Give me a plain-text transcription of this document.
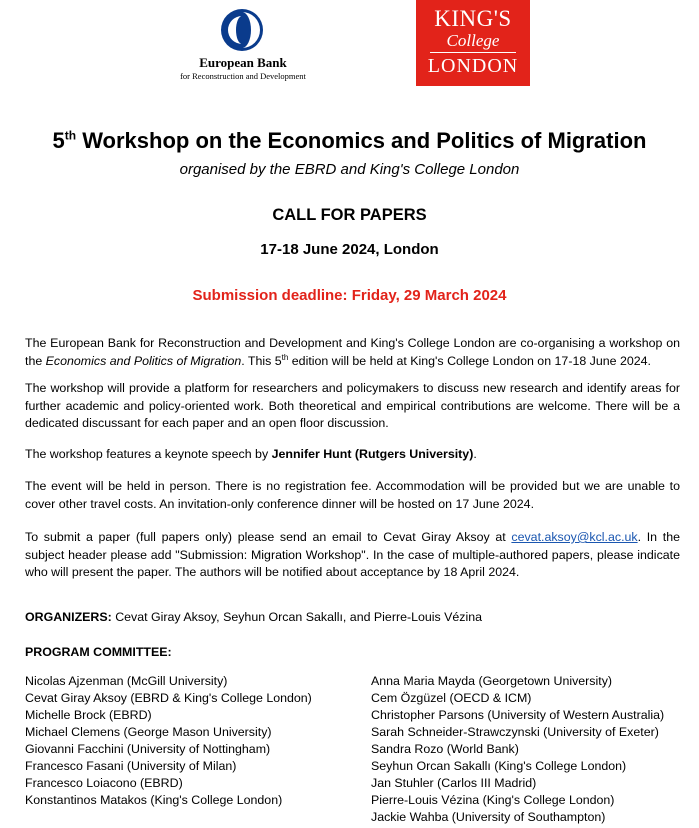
European Bank
for Reconstruction and Development
KING'S
College
LONDON
5th Workshop on the Economics and Politics of Migration
organised by the EBRD and King's College London
CALL FOR PAPERS
17-18 June 2024, London
Submission deadline: Friday, 29 March 2024
The European Bank for Reconstruction and Development and King's College London are co-organising a workshop on the Economics and Politics of Migration. This 5th edition will be held at King's College London on 17-18 June 2024.
The workshop will provide a platform for researchers and policymakers to discuss new research and identify areas for further academic and policy-oriented work. Both theoretical and empirical contributions are welcome. There will be a dedicated discussant for each paper and an open floor discussion.
The workshop features a keynote speech by Jennifer Hunt (Rutgers University).
The event will be held in person. There is no registration fee. Accommodation will be provided but we are unable to cover other travel costs. An invitation-only conference dinner will be hosted on 17 June 2024.
To submit a paper (full papers only) please send an email to Cevat Giray Aksoy at cevat.aksoy@kcl.ac.uk. In the subject header please add "Submission: Migration Workshop". In the case of multiple-authored papers, please indicate who will present the paper. The authors will be notified about acceptance by 18 April 2024.
ORGANIZERS: Cevat Giray Aksoy, Seyhun Orcan Sakallı, and Pierre-Louis Vézina
PROGRAM COMMITTEE:
Nicolas Ajzenman (McGill University)
Cevat Giray Aksoy (EBRD & King's College London)
Michelle Brock (EBRD)
Michael Clemens (George Mason University)
Giovanni Facchini (University of Nottingham)
Francesco Fasani (University of Milan)
Francesco Loiacono (EBRD)
Konstantinos Matakos (King's College London)
Anna Maria Mayda (Georgetown University)
Cem Özgüzel (OECD & ICM)
Christopher Parsons (University of Western Australia)
Sarah Schneider-Strawczynski (University of Exeter)
Sandra Rozo (World Bank)
Seyhun Orcan Sakallı (King's College London)
Jan Stuhler (Carlos III Madrid)
Pierre-Louis Vézina (King's College London)
Jackie Wahba (University of Southampton)
